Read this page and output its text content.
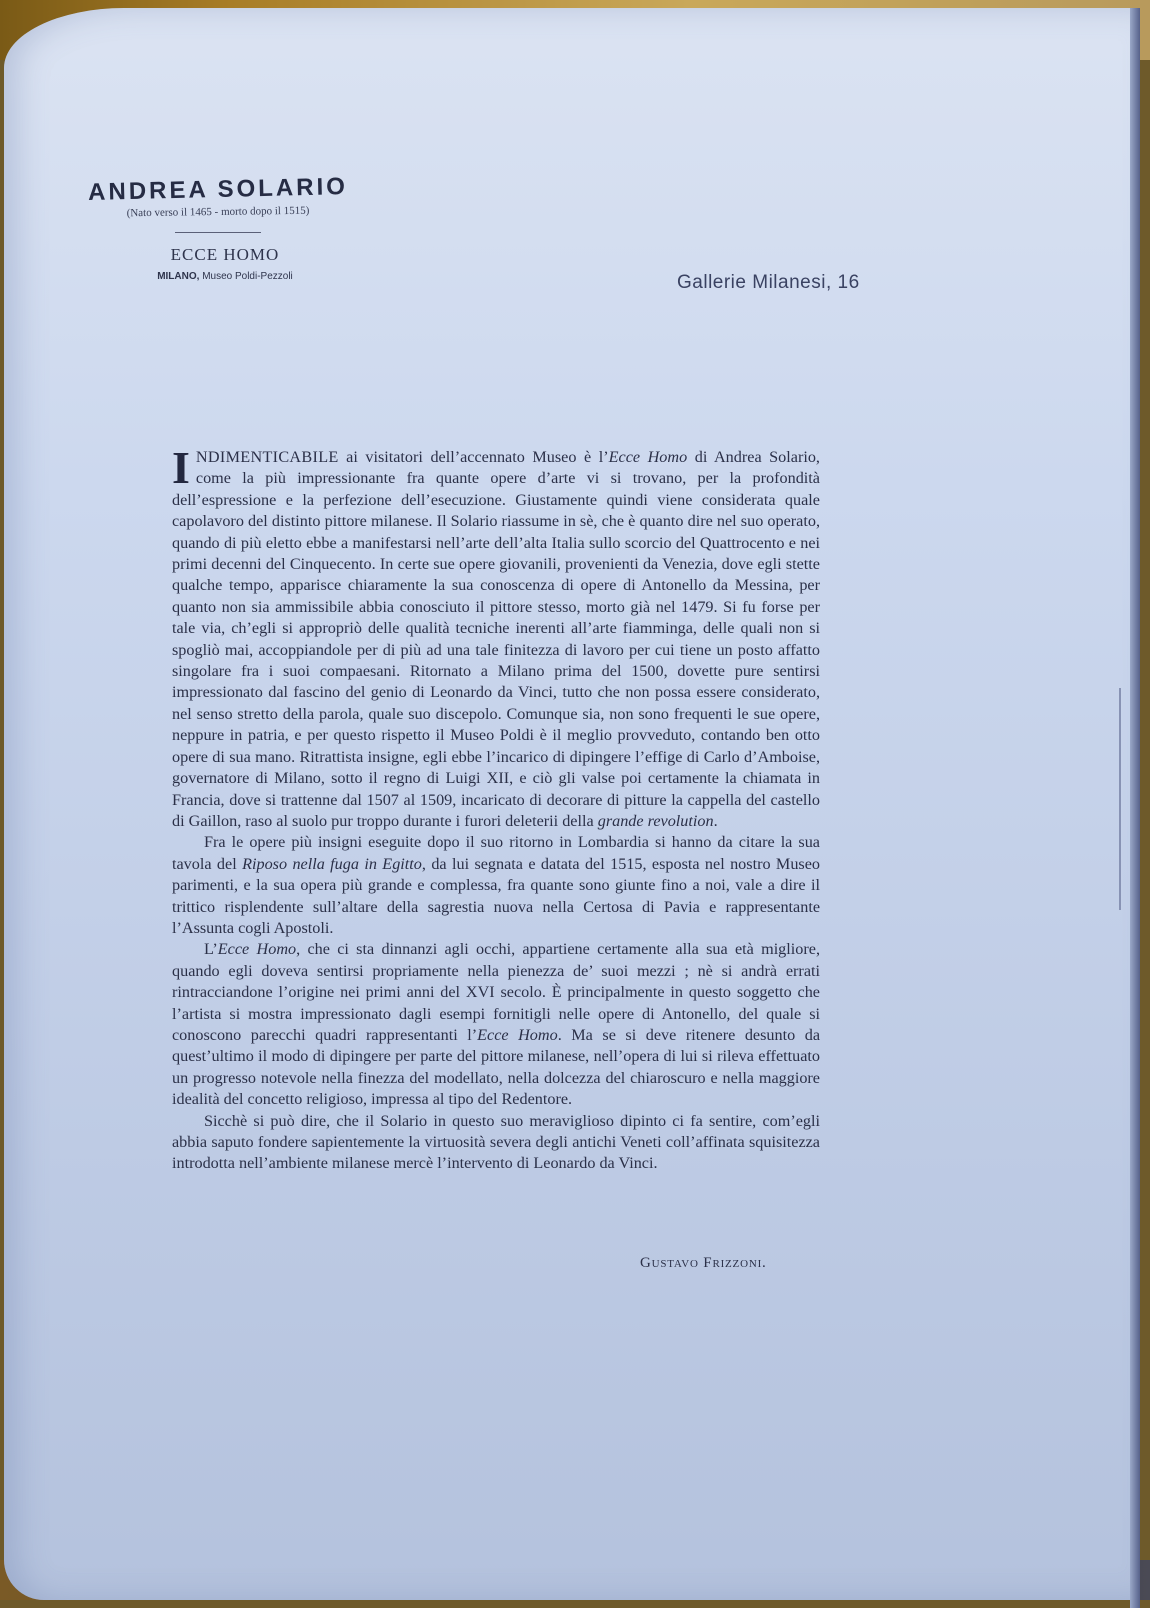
ANDREA SOLARIO
(Nato verso il 1465 - morto dopo il 1515)
ECCE HOMO
MILANO, Museo Poldi-Pezzoli	Gallerie Milanesi, 16

INDIMENTICABILE ai visitatori dell’accennato Museo è l’Ecce Homo di Andrea Solario, come la più impressionante fra quante opere d’arte vi si trovano, per la profondità dell’espressione e la perfezione dell’esecuzione. Giustamente quindi viene considerata quale capolavoro del distinto pittore milanese. Il Solario riassume in sè, che è quanto dire nel suo operato, quando di più eletto ebbe a manifestarsi nell’arte dell’alta Italia sullo scorcio del Quattrocento e nei primi decenni del Cinquecento. In certe sue opere giovanili, provenienti da Venezia, dove egli stette qualche tempo, apparisce chiaramente la sua conoscenza di opere di Antonello da Messina, per quanto non sia ammissibile abbia conosciuto il pittore stesso, morto già nel 1479. Si fu forse per tale via, ch’egli si appropriò delle qualità tecniche inerenti all’arte fiamminga, delle quali non si spogliò mai, accoppiandole per di più ad una tale finitezza di lavoro per cui tiene un posto affatto singolare fra i suoi compaesani. Ritornato a Milano prima del 1500, dovette pure sentirsi impressionato dal fascino del genio di Leonardo da Vinci, tutto che non possa essere considerato, nel senso stretto della parola, quale suo discepolo. Comunque sia, non sono frequenti le sue opere, neppure in patria, e per questo rispetto il Museo Poldi è il meglio provveduto, contando ben otto opere di sua mano. Ritrattista insigne, egli ebbe l’incarico di dipingere l’effige di Carlo d’Amboise, governatore di Milano, sotto il regno di Luigi XII, e ciò gli valse poi certamente la chiamata in Francia, dove si trattenne dal 1507 al 1509, incaricato di decorare di pitture la cappella del castello di Gaillon, raso al suolo pur troppo durante i furori deleterii della grande revolution.

Fra le opere più insigni eseguite dopo il suo ritorno in Lombardia si hanno da citare la sua tavola del Riposo nella fuga in Egitto, da lui segnata e datata del 1515, esposta nel nostro Museo parimenti, e la sua opera più grande e complessa, fra quante sono giunte fino a noi, vale a dire il trittico risplendente sull’altare della sagrestia nuova nella Certosa di Pavia e rappresentante l’Assunta cogli Apostoli.

L’Ecce Homo, che ci sta dinnanzi agli occhi, appartiene certamente alla sua età migliore, quando egli doveva sentirsi propriamente nella pienezza de’ suoi mezzi ; nè si andrà errati rintracciandone l’origine nei primi anni del XVI secolo. È principalmente in questo soggetto che l’artista si mostra impressionato dagli esempi fornitigli nelle opere di Antonello, del quale si conoscono parecchi quadri rappresentanti l’Ecce Homo. Ma se si deve ritenere desunto da quest’ultimo il modo di dipingere per parte del pittore milanese, nell’opera di lui si rileva effettuato un progresso notevole nella finezza del modellato, nella dolcezza del chiaroscuro e nella maggiore idealità del concetto religioso, impressa al tipo del Redentore.

Sicchè si può dire, che il Solario in questo suo meraviglioso dipinto ci fa sentire, com’egli abbia saputo fondere sapientemente la virtuosità severa degli antichi Veneti coll’affinata squisitezza introdotta nell’ambiente milanese mercè l’intervento di Leonardo da Vinci.

Gustavo Frizzoni.
